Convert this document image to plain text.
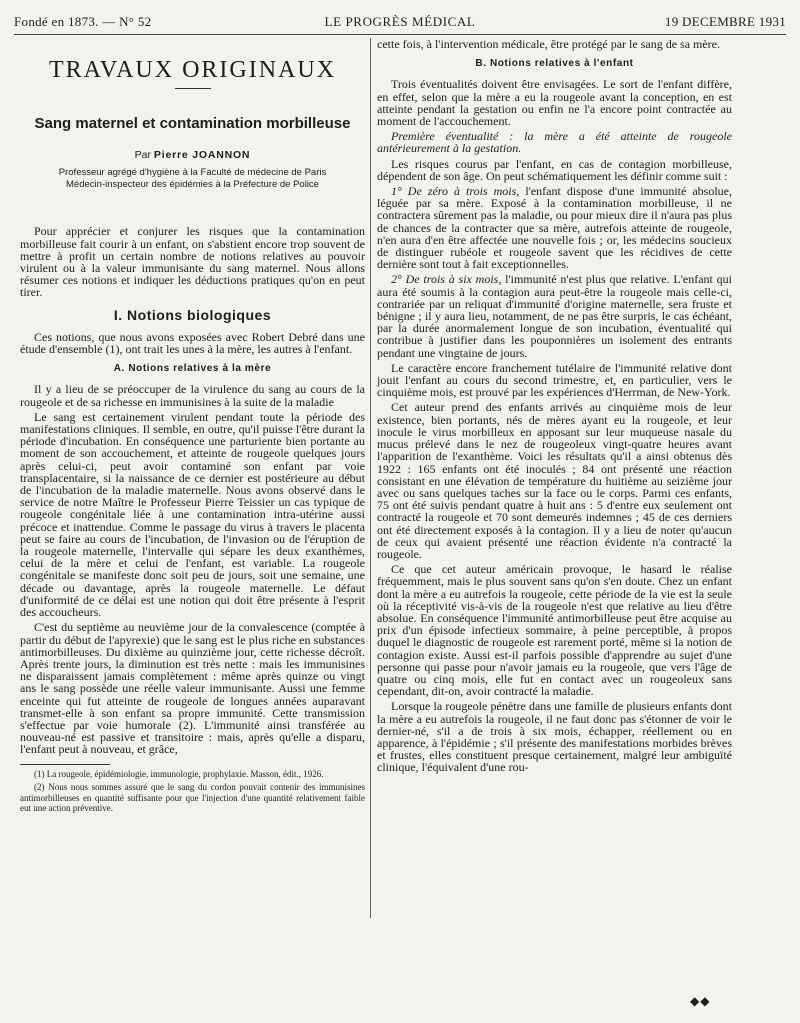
Fondé en 1873. — N° 52	LE PROGRÈS MÉDICAL	19 DECEMBRE 1931
TRAVAUX ORIGINAUX
Sang maternel et contamination morbilleuse
Par Pierre JOANNON
Professeur agrégé d'hygiène à la Faculté de médecine de Paris
Médecin-inspecteur des épidémies à la Préfecture de Police

Pour apprécier et conjurer les risques que la contamination morbilleuse fait courir à un enfant, on s'abstient encore trop souvent de mettre à profit un certain nombre de notions relatives au pouvoir virulent ou à la valeur immunisante du sang maternel. Nous allons résumer ces notions et indiquer les déductions pratiques qu'on en peut tirer.

I. Notions biologiques

Ces notions, que nous avons exposées avec Robert Debré dans une étude d'ensemble (1), ont trait les unes à la mère, les autres à l'enfant.

A. Notions relatives à la mère

Il y a lieu de se préoccuper de la virulence du sang au cours de la rougeole et de sa richesse en immunisines à la suite de la maladie

Le sang est certainement virulent pendant toute la période des manifestations cliniques. Il semble, en outre, qu'il puisse l'être durant la période d'incubation. En conséquence une parturiente bien portante au moment de son accouchement, et atteinte de rougeole quelques jours après celui-ci, peut avoir contaminé son enfant par voie transplacentaire, si la naissance de ce dernier est postérieure au début de l'incubation de la maladie maternelle. Nous avons observé dans le service de notre Maître le Professeur Pierre Teissier un cas typique de rougeole congénitale liée à une contamination intra-utérine aussi précoce et inattendue. Comme le passage du virus à travers le placenta peut se faire au cours de l'incubation, de l'invasion ou de l'éruption de la rougeole maternelle, l'intervalle qui sépare les deux exanthèmes, celui de la mère et celui de l'enfant, est variable. La rougeole congénitale se manifeste donc soit peu de jours, soit une semaine, une décade ou davantage, après la rougeole maternelle. Le défaut d'uniformité de ce délai est une notion qui doit être présente à l'esprit des accoucheurs.

C'est du septième au neuvième jour de la convalescence (comptée à partir du début de l'apyrexie) que le sang est le plus riche en substances antimorbilleuses. Du dixième au quinzième jour, cette richesse décroît. Après trente jours, la diminution est très nette : mais les immunisines ne disparaissent jamais complètement : même après quinze ou vingt ans le sang possède une réelle valeur immunisante. Aussi une femme enceinte qui fut atteinte de rougeole de longues années auparavant transmet-elle à son enfant sa propre immunité. Cette transmission s'effectue par voie humorale (2). L'immunité ainsi transférée au nouveau-né est passive et transitoire : mais, après qu'elle a disparu, l'enfant peut à nouveau, et grâce,

(1) La rougeole, épidémiologie, immunologie, prophylaxie. Masson, édit., 1926.

(2) Nous nous sommes assuré que le sang du cordon pouvait contenir des immunisines antimorbilleuses en quantité suffisante pour que l'injection d'une quantité relativement faible eut une action préventive.

cette fois, à l'intervention médicale, être protégé par le sang de sa mère.

B. Notions relatives à l'enfant

Trois éventualités doivent être envisagées. Le sort de l'enfant diffère, en effet, selon que la mère a eu la rougeole avant la conception, en est atteinte pendant la gestation ou enfin ne l'a encore point contractée au moment de l'accouchement.

Première éventualité : la mère a été atteinte de rougeole antérieurement à la gestation.

Les risques courus par l'enfant, en cas de contagion morbilleuse, dépendent de son âge. On peut schématiquement les définir comme suit :

1° De zéro à trois mois, l'enfant dispose d'une immunité absolue, léguée par sa mère. Exposé à la contamination morbilleuse, il ne contractera sûrement pas la maladie, ou pour mieux dire il n'aura pas plus de chances de la contracter que sa mère, autrefois atteinte de rougeole, n'en aura d'en être affectée une nouvelle fois ; or, les médecins soucieux de distinguer rubéole et rougeole savent que les récidives de cette dernière sont tout à fait exceptionnelles.

2° De trois à six mois, l'immunité n'est plus que relative. L'enfant qui aura été soumis à la contagion aura peut-être la rougeole mais celle-ci, contrariée par un reliquat d'immunité d'origine maternelle, sera fruste et bénigne ; il y aura lieu, notamment, de ne pas être surpris, le cas échéant, par la durée anormalement longue de son incubation, éventualité qui contribue à justifier dans les pouponnières un isolement des entrants pendant une vingtaine de jours.

Le caractère encore franchement tutélaire de l'immunité relative dont jouit l'enfant au cours du second trimestre, et, en particulier, vers le cinquième mois, est prouvé par les expériences d'Herrman, de New-York.

Cet auteur prend des enfants arrivés au cinquième mois de leur existence, bien portants, nés de mères ayant eu la rougeole, et leur inocule le virus morbilleux en apposant sur leur muqueuse nasale du mucus prélevé dans le nez de rougeoleux vingt-quatre heures avant l'apparition de l'exanthème. Voici les résultats qu'il a ainsi obtenus dès 1922 : 165 enfants ont été inoculés ; 84 ont présenté une réaction consistant en une élévation de température du huitième au seizième jour avec ou sans quelques taches sur la face ou le corps. Parmi ces enfants, 75 ont été suivis pendant quatre à huit ans : 5 d'entre eux seulement ont contracté la rougeole et 70 sont demeurés indemnes ; 45 de ces derniers ont été directement exposés à la contagion. Il y a lieu de noter qu'aucun de ceux qui avaient présenté une réaction évidente n'a contracté la rougeole.

Ce que cet auteur américain provoque, le hasard le réalise fréquemment, mais le plus souvent sans qu'on s'en doute. Chez un enfant dont la mère a eu autrefois la rougeole, cette période de la vie est la seule où la réceptivité vis-à-vis de la rougeole n'est que relative au lieu d'être absolue. En conséquence l'immunité antimorbilleuse peut être acquise au prix d'un épisode infectieux sommaire, à peine perceptible, à propos duquel le diagnostic de rougeole est rarement porté, même si la notion de contagion existe. Aussi est-il parfois possible d'apprendre au sujet d'une personne qui passe pour n'avoir jamais eu la rougeole, que vers l'âge de quatre ou cinq mois, elle fut en contact avec un rougeoleux sans cependant, dit-on, avoir contracté la maladie.

Lorsque la rougeole pénètre dans une famille de plusieurs enfants dont la mère a eu autrefois la rougeole, il ne faut donc pas s'étonner de voir le dernier-né, s'il a de trois à six mois, échapper, réellement ou en apparence, à l'épidémie ; s'il présente des manifestations morbides brèves et frustes, elles constituent presque certainement, malgré leur ambiguïté clinique, l'équivalent d'une rou-

◆◆
